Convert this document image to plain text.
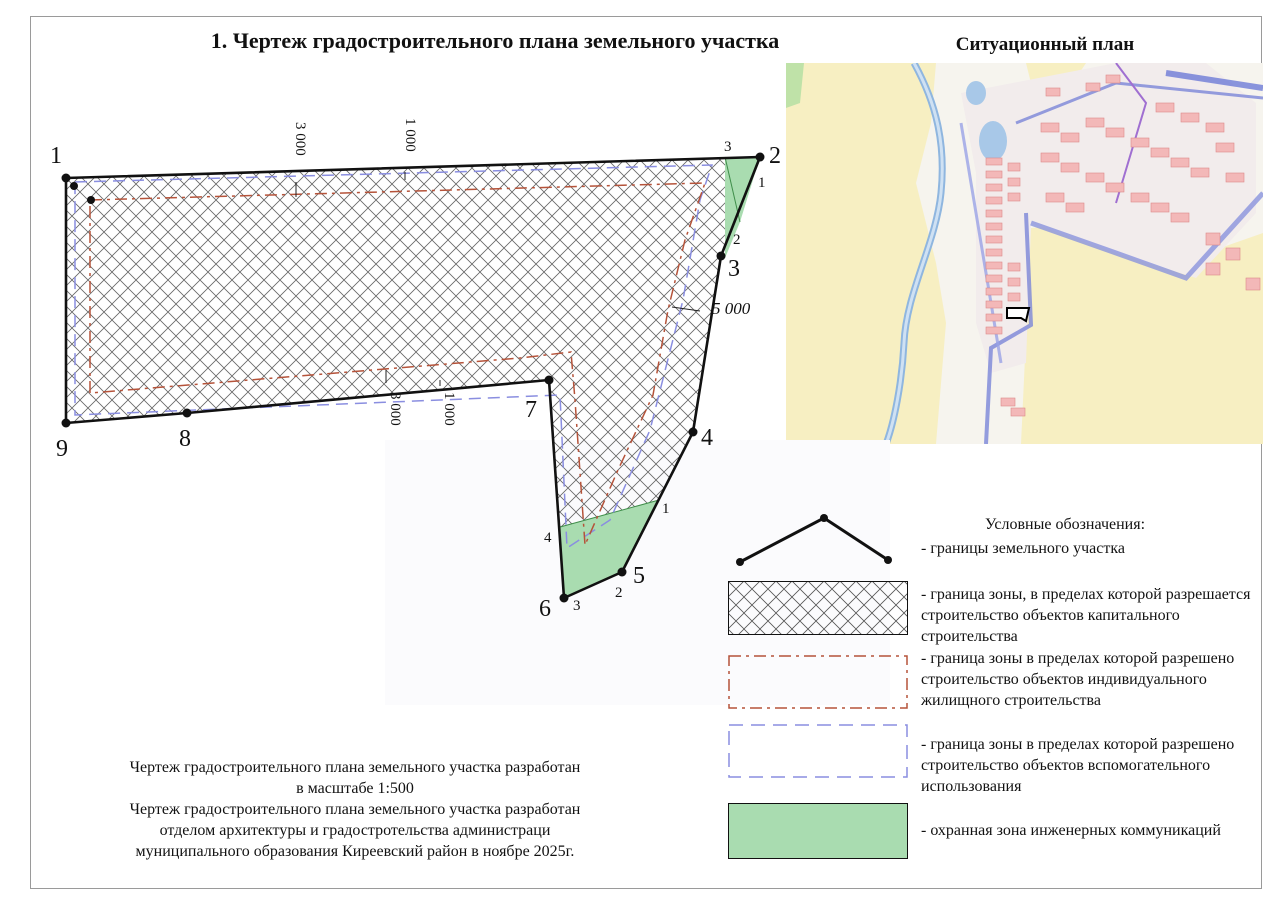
1. Чертеж градостроительного плана земельного участка	Ситуационный план
1	2
3
4
5
6
7
8
9
1
2
3
1
2
3
4
3 000	1 000
5 000
3 000	1 000
Чертеж градостроительного плана земельного участка разработан
в масштабе 1:500
Чертеж градостроительного плана земельного участка разработан
отделом архитектуры и градостротельства администраци
муниципального образования Киреевский район в ноябре 2025г.
Условные обозначения:
- границы земельного участка
- граница зоны, в пределах которой разрешается строительство объектов капитального строительства
- граница зоны в пределах которой разрешено строительство объектов индивидуального жилищного строительства
- граница зоны в пределах которой разрешено строительство объектов вспомогательного использования
- охранная зона инженерных коммуникаций
